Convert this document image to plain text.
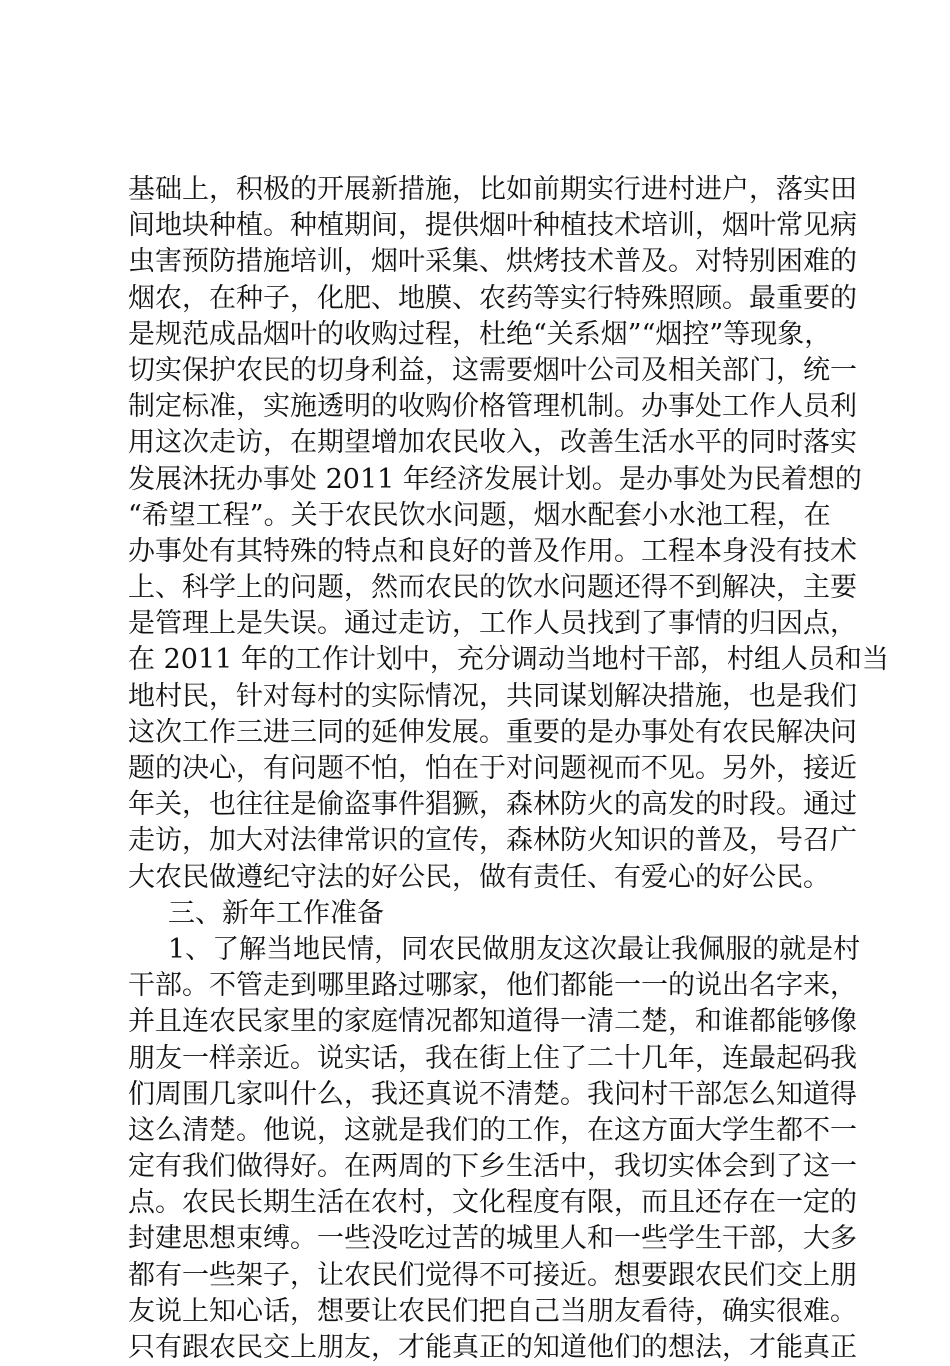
基础上，积极的开展新措施，比如前期实行进村进户，落实田
间地块种植。种植期间，提供烟叶种植技术培训，烟叶常见病
虫害预防措施培训，烟叶采集、烘烤技术普及。对特别困难的
烟农，在种子，化肥、地膜、农药等实行特殊照顾。最重要的
是规范成品烟叶的收购过程，杜绝“关系烟”“烟控”等现象，
切实保护农民的切身利益，这需要烟叶公司及相关部门，统一
制定标准，实施透明的收购价格管理机制。办事处工作人员利
用这次走访，在期望增加农民收入，改善生活水平的同时落实
发展沐抚办事处 2011 年经济发展计划。是办事处为民着想的
“希望工程”。关于农民饮水问题，烟水配套小水池工程，在
办事处有其特殊的特点和良好的普及作用。工程本身没有技术
上、科学上的问题，然而农民的饮水问题还得不到解决，主要
是管理上是失误。通过走访，工作人员找到了事情的归因点，
在 2011 年的工作计划中，充分调动当地村干部，村组人员和当
地村民，针对每村的实际情况，共同谋划解决措施，也是我们
这次工作三进三同的延伸发展。重要的是办事处有农民解决问
题的决心，有问题不怕，怕在于对问题视而不见。另外，接近
年关，也往往是偷盗事件猖獗，森林防火的高发的时段。通过
走访，加大对法律常识的宣传，森林防火知识的普及，号召广
大农民做遵纪守法的好公民，做有责任、有爱心的好公民。
三、新年工作准备
1、了解当地民情，同农民做朋友这次最让我佩服的就是村
干部。不管走到哪里路过哪家，他们都能一一的说出名字来，
并且连农民家里的家庭情况都知道得一清二楚，和谁都能够像
朋友一样亲近。说实话，我在街上住了二十几年，连最起码我
们周围几家叫什么，我还真说不清楚。我问村干部怎么知道得
这么清楚。他说，这就是我们的工作，在这方面大学生都不一
定有我们做得好。在两周的下乡生活中，我切实体会到了这一
点。农民长期生活在农村，文化程度有限，而且还存在一定的
封建思想束缚。一些没吃过苦的城里人和一些学生干部，大多
都有一些架子，让农民们觉得不可接近。想要跟农民们交上朋
友说上知心话，想要让农民们把自己当朋友看待，确实很难。
只有跟农民交上朋友，才能真正的知道他们的想法，才能真正
